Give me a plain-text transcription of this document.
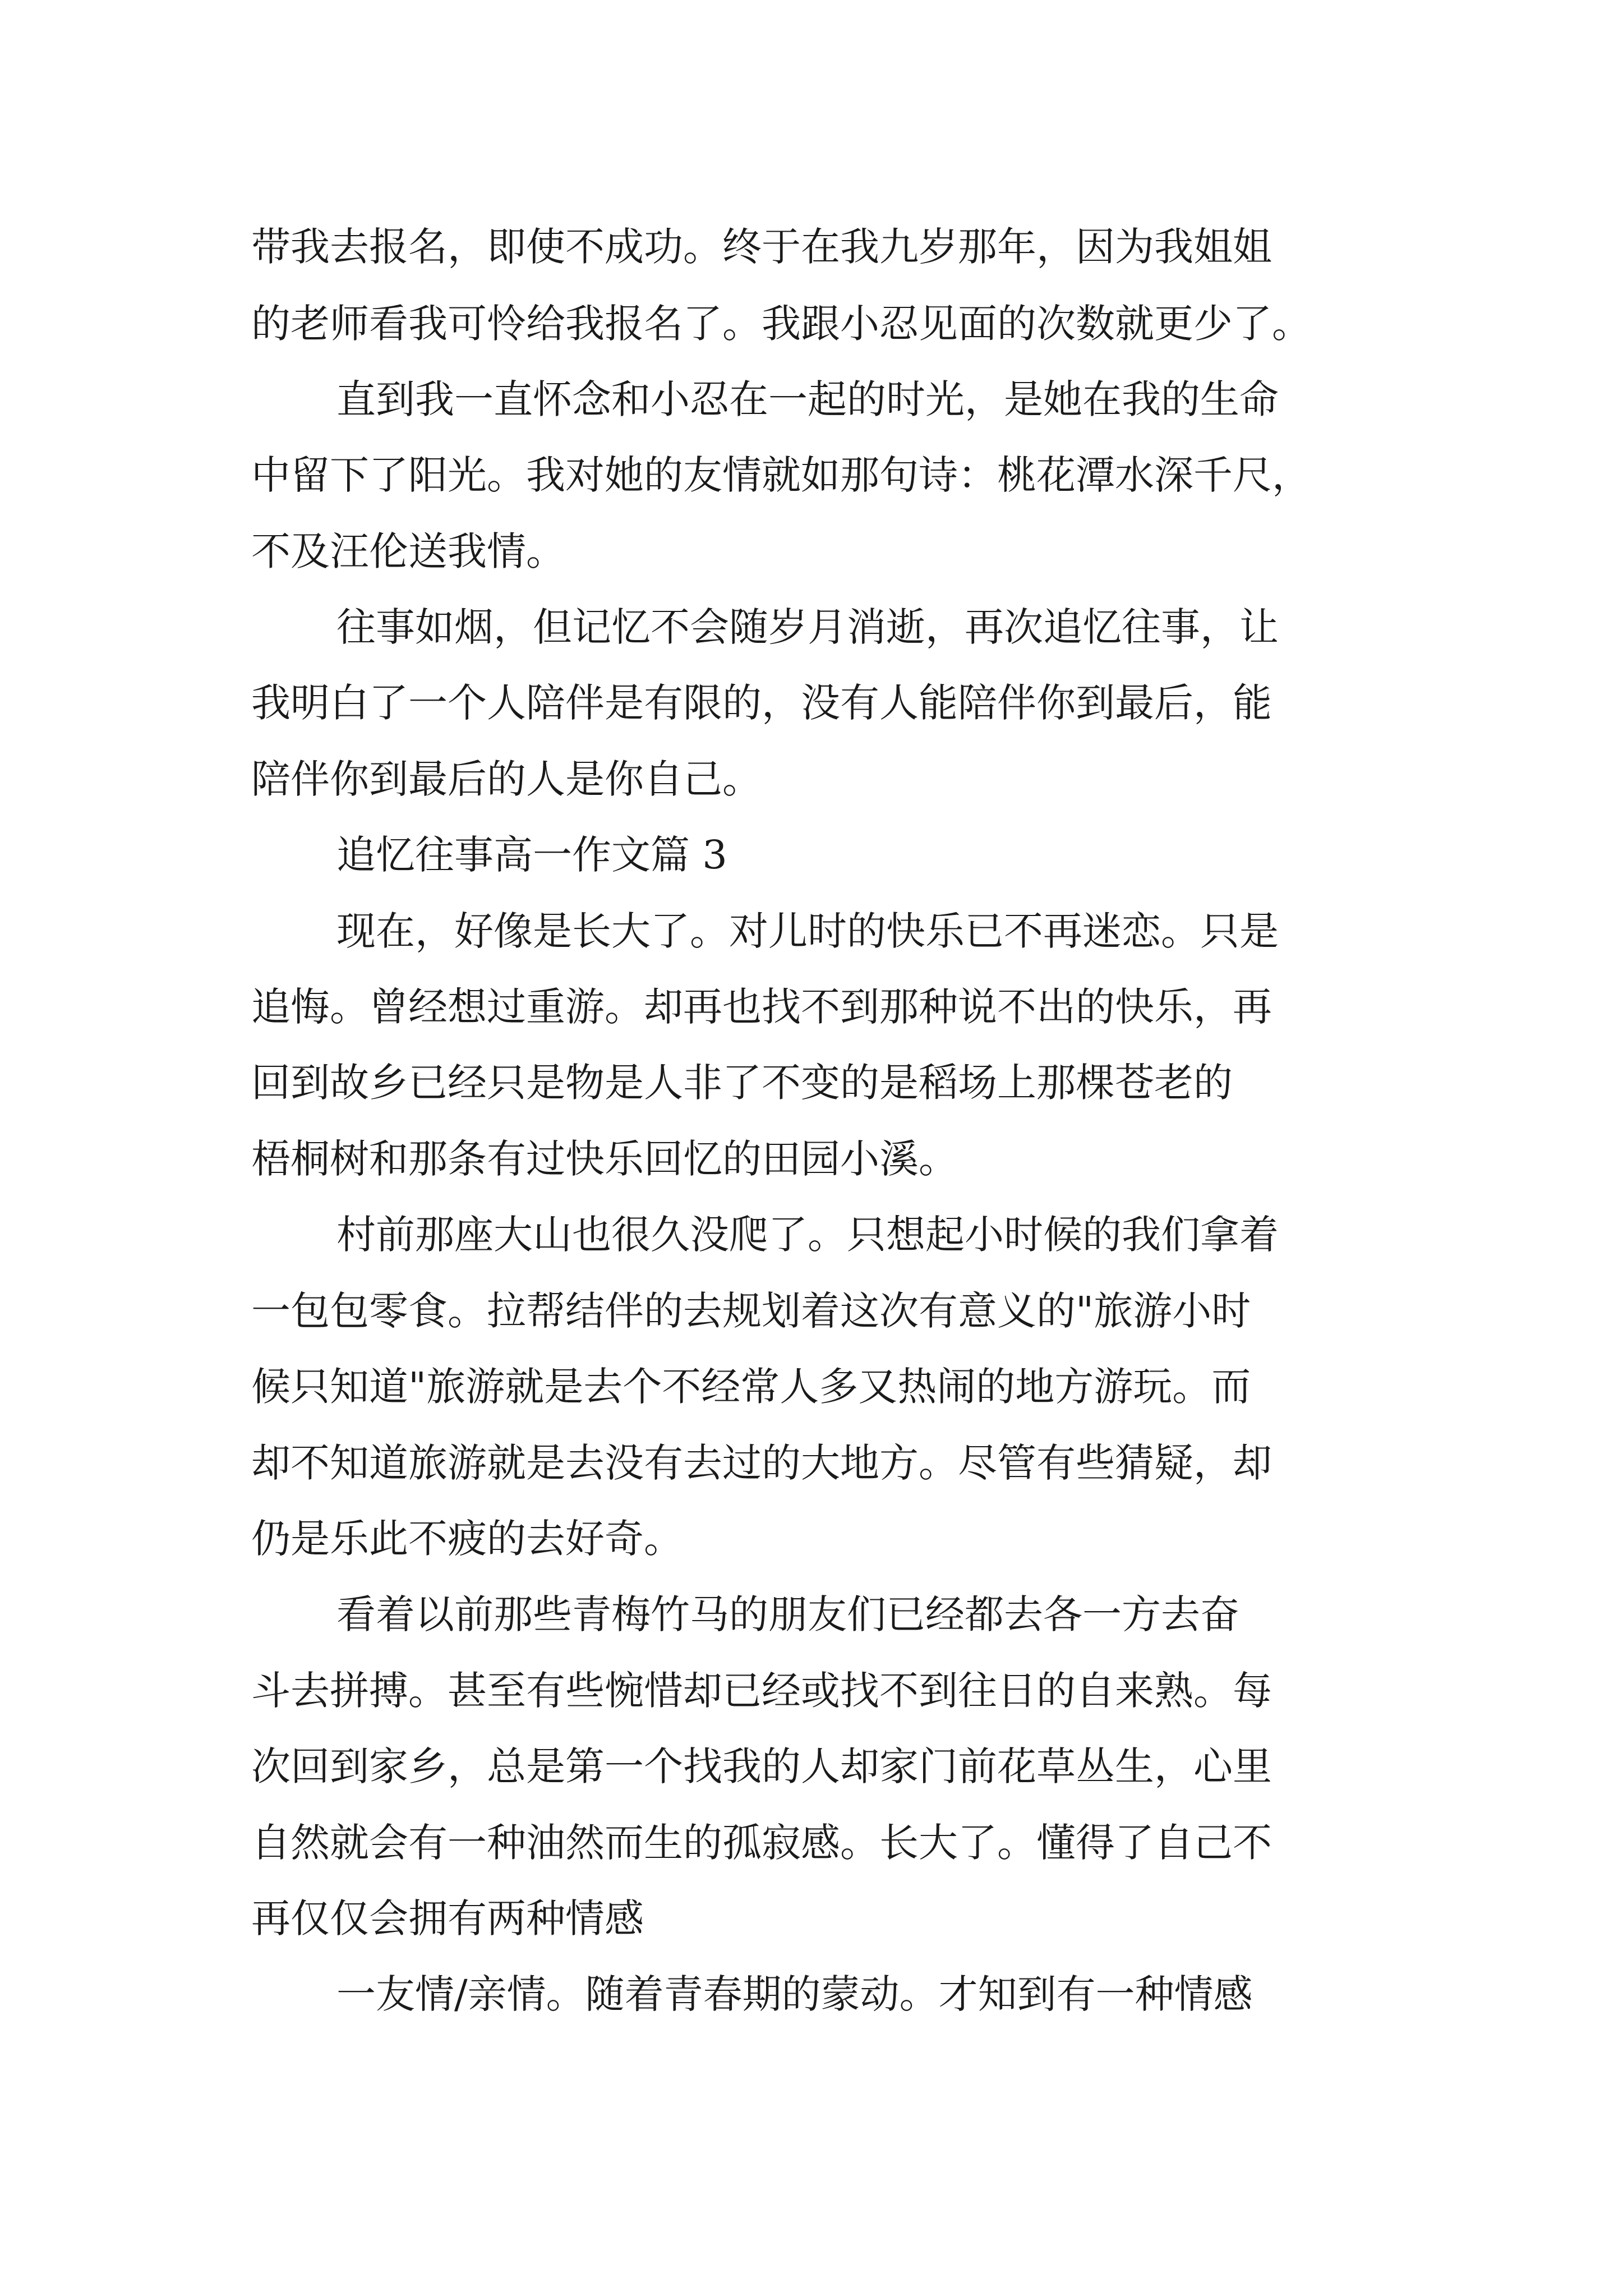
带我去报名，即使不成功。终于在我九岁那年，因为我姐姐
的老师看我可怜给我报名了。我跟小忍见面的次数就更少了。
直到我一直怀念和小忍在一起的时光，是她在我的生命
中留下了阳光。我对她的友情就如那句诗：桃花潭水深千尺，
不及汪伦送我情。
往事如烟，但记忆不会随岁月消逝，再次追忆往事，让
我明白了一个人陪伴是有限的，没有人能陪伴你到最后，能
陪伴你到最后的人是你自己。
追忆往事高一作文篇 3
现在，好像是长大了。对儿时的快乐已不再迷恋。只是
追悔。曾经想过重游。却再也找不到那种说不出的快乐，再
回到故乡已经只是物是人非了不变的是稻场上那棵苍老的
梧桐树和那条有过快乐回忆的田园小溪。
村前那座大山也很久没爬了。只想起小时候的我们拿着
一包包零食。拉帮结伴的去规划着这次有意义的"旅游小时
候只知道"旅游就是去个不经常人多又热闹的地方游玩。而
却不知道旅游就是去没有去过的大地方。尽管有些猜疑，却
仍是乐此不疲的去好奇。
看着以前那些青梅竹马的朋友们已经都去各一方去奋
斗去拼搏。甚至有些惋惜却已经或找不到往日的自来熟。每
次回到家乡，总是第一个找我的人却家门前花草丛生，心里
自然就会有一种油然而生的孤寂感。长大了。懂得了自己不
再仅仅会拥有两种情感
一友情/亲情。随着青春期的蒙动。才知到有一种情感
